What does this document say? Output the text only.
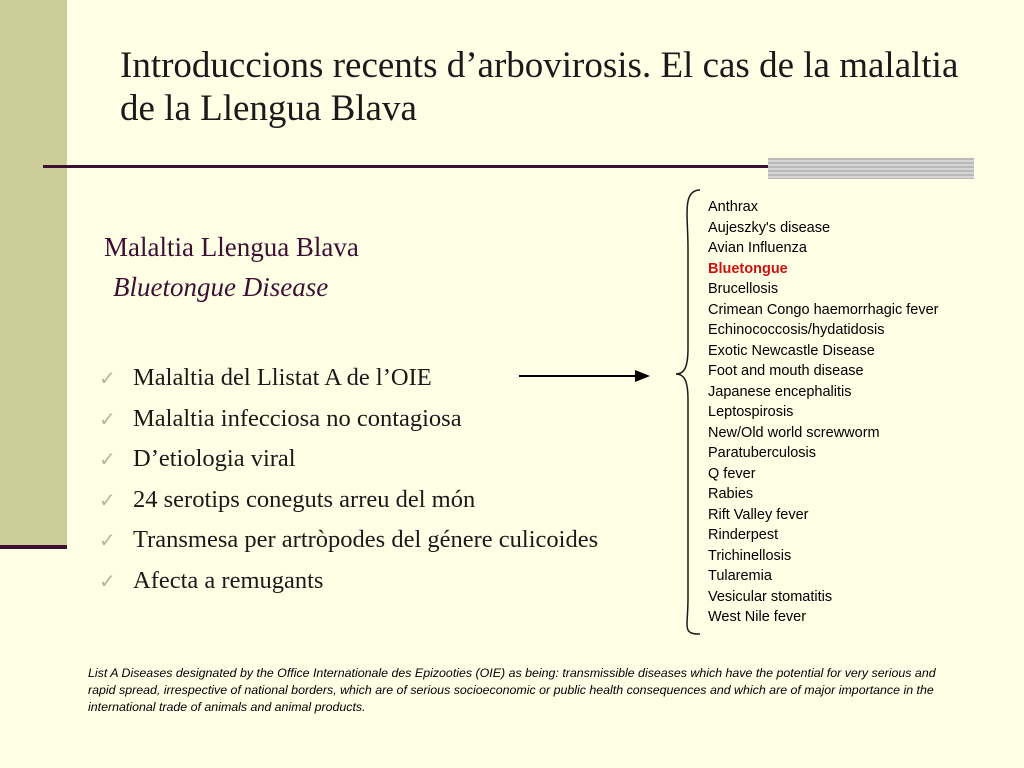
Introduccions recents d’arbovirosis. El cas de la malaltia de la Llengua Blava
Malaltia Llengua Blava
Bluetongue Disease
✓ Malaltia del Llistat A de l’OIE
✓ Malaltia infecciosa no contagiosa
✓ D’etiologia viral
✓ 24 serotips coneguts arreu del món
✓ Transmesa per artròpodes del génere culicoides
✓ Afecta a remugants
Anthrax
Aujeszky's disease
Avian Influenza
Bluetongue
Brucellosis
Crimean Congo haemorrhagic fever
Echinococcosis/hydatidosis
Exotic Newcastle Disease
Foot and mouth disease
Japanese encephalitis
Leptospirosis
New/Old world screwworm
Paratuberculosis
Q fever
Rabies
Rift Valley fever
Rinderpest
Trichinellosis
Tularemia
Vesicular stomatitis
West Nile fever

List A Diseases designated by the Office Internationale des Epizooties (OIE) as being: transmissible diseases which have the potential for very serious and rapid spread, irrespective of national borders, which are of serious socioeconomic or public health consequences and which are of major importance in the international trade of animals and animal products.
